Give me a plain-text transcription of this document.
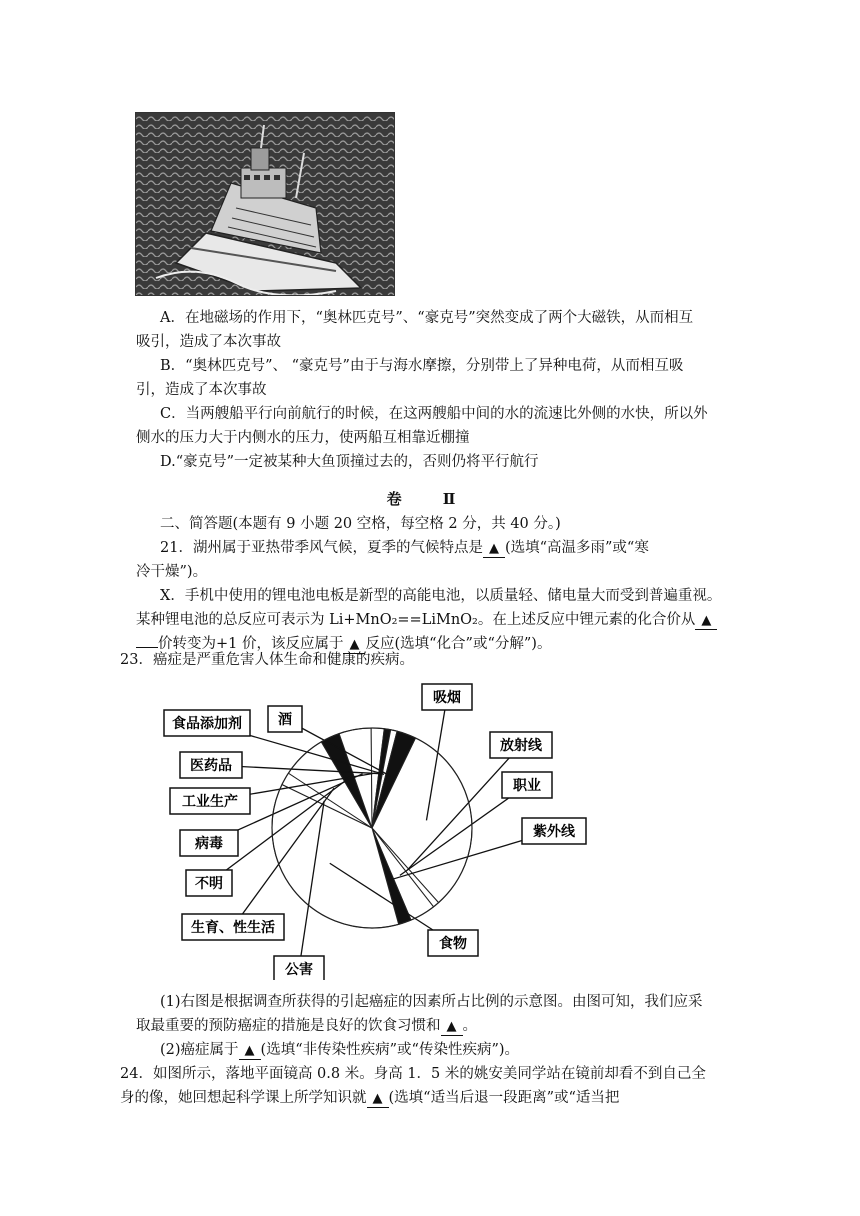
A．在地磁场的作用下，“奥林匹克号”、“豪克号”突然变成了两个大磁铁，从而相互
吸引，造成了本次事故
B．“奥林匹克号”、 “豪克号”由于与海水摩擦，分别带上了异种电荷，从而相互吸
引，造成了本次事故
C．当两艘船平行向前航行的时候，在这两艘船中间的水的流速比外侧的水快，所以外
侧水的压力大于内侧水的压力，使两船互相靠近棚撞
D.“豪克号”一定被某种大鱼顶撞过去的，否则仍将平行航行
卷 Ⅱ
二、简答题(本题有 9 小题 20 空格，每空格 2 分，共 40 分。)
21．湖州属于亚热带季风气候，夏季的气候特点是 ▲ (选填“高温多雨”或“寒
冷干燥”)。
X．手机中使用的锂电池电板是新型的高能电池，以质量轻、储电量大而受到普遍重视。
某种锂电池的总反应可表示为 Li+MnO₂==LiMnO₂。在上述反应中锂元素的化合价从 ▲
价转变为+1 价，该反应属于 ▲ 反应(选填“化合”或“分解”)。
23．癌症是严重危害人体生命和健康的疾病。
吸烟
放射线
职业
紫外线
食物
公害
生育、性生活
不明
病毒
工业生产
医药品
食品添加剂	酒
(1)右图是根据调查所获得的引起癌症的因素所占比例的示意图。由图可知，我们应采
取最重要的预防癌症的措施是良好的饮食习惯和 ▲ 。
(2)癌症属于 ▲ (选填“非传染性疾病”或“传染性疾病”)。
24．如图所示，落地平面镜高 0.8 米。身高 1．5 米的姚安美同学站在镜前却看不到自己全
身的像，她回想起科学课上所学知识就 ▲ (选填“适当后退一段距离”或“适当把
